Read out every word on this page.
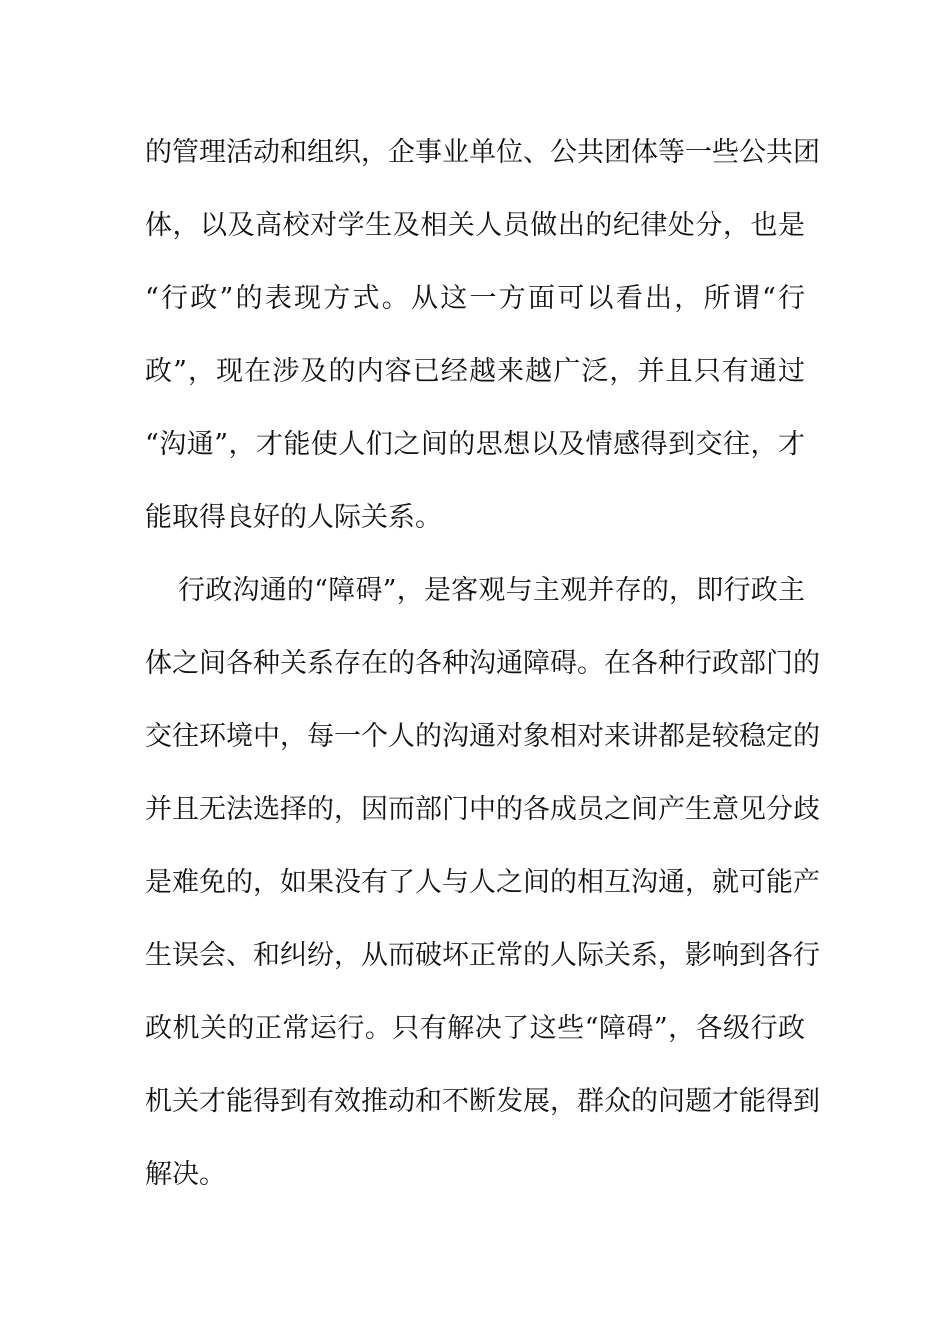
的管理活动和组织，企事业单位、公共团体等一些公共团
体，以及高校对学生及相关人员做出的纪律处分，也是
“行政”的表现方式。从这一方面可以看出，所谓“行
政”，现在涉及的内容已经越来越广泛，并且只有通过
“沟通”，才能使人们之间的思想以及情感得到交往，才
能取得良好的人际关系。
行政沟通的“障碍”，是客观与主观并存的，即行政主
体之间各种关系存在的各种沟通障碍。在各种行政部门的
交往环境中，每一个人的沟通对象相对来讲都是较稳定的
并且无法选择的，因而部门中的各成员之间产生意见分歧
是难免的，如果没有了人与人之间的相互沟通，就可能产
生误会、和纠纷，从而破坏正常的人际关系，影响到各行
政机关的正常运行。只有解决了这些“障碍”，各级行政
机关才能得到有效推动和不断发展，群众的问题才能得到
解决。
